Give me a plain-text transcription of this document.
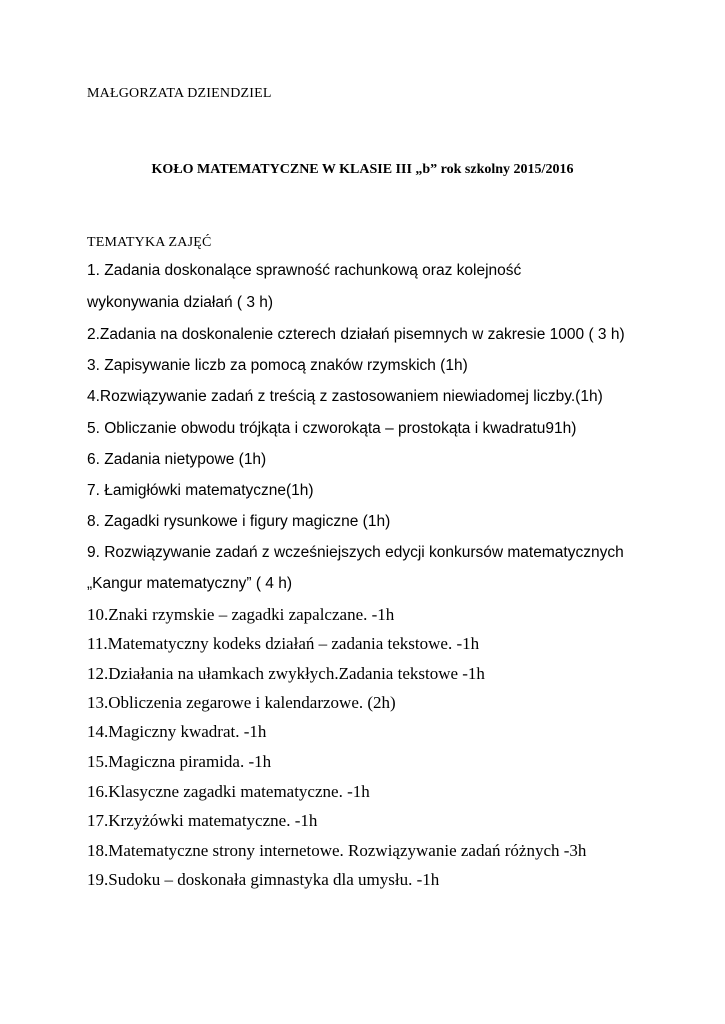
MAŁGORZATA DZIENDZIEL
KOŁO MATEMATYCZNE W KLASIE III „b” rok szkolny 2015/2016
TEMATYKA ZAJĘĆ
1. Zadania doskonalące sprawność rachunkową oraz kolejność
wykonywania działań ( 3 h)
2.Zadania na doskonalenie czterech działań pisemnych w zakresie 1000 ( 3 h)
3. Zapisywanie liczb za pomocą znaków rzymskich (1h)
4.Rozwiązywanie zadań z treścią z zastosowaniem niewiadomej liczby.(1h)
5. Obliczanie obwodu trójkąta i czworokąta – prostokąta i kwadratu91h)
6. Zadania nietypowe (1h)
7. Łamigłówki matematyczne(1h)
8. Zagadki rysunkowe i figury magiczne (1h)
9. Rozwiązywanie zadań z wcześniejszych edycji konkursów matematycznych
„Kangur matematyczny” ( 4 h)
10.Znaki rzymskie – zagadki zapalczane. -1h
11.Matematyczny kodeks działań – zadania tekstowe. -1h
12.Działania na ułamkach zwykłych.Zadania tekstowe -1h
13.Obliczenia zegarowe i kalendarzowe. (2h)
14.Magiczny kwadrat. -1h
15.Magiczna piramida. -1h
16.Klasyczne zagadki matematyczne. -1h
17.Krzyżówki matematyczne. -1h
18.Matematyczne strony internetowe. Rozwiązywanie zadań różnych -3h
19.Sudoku – doskonała gimnastyka dla umysłu. -1h
